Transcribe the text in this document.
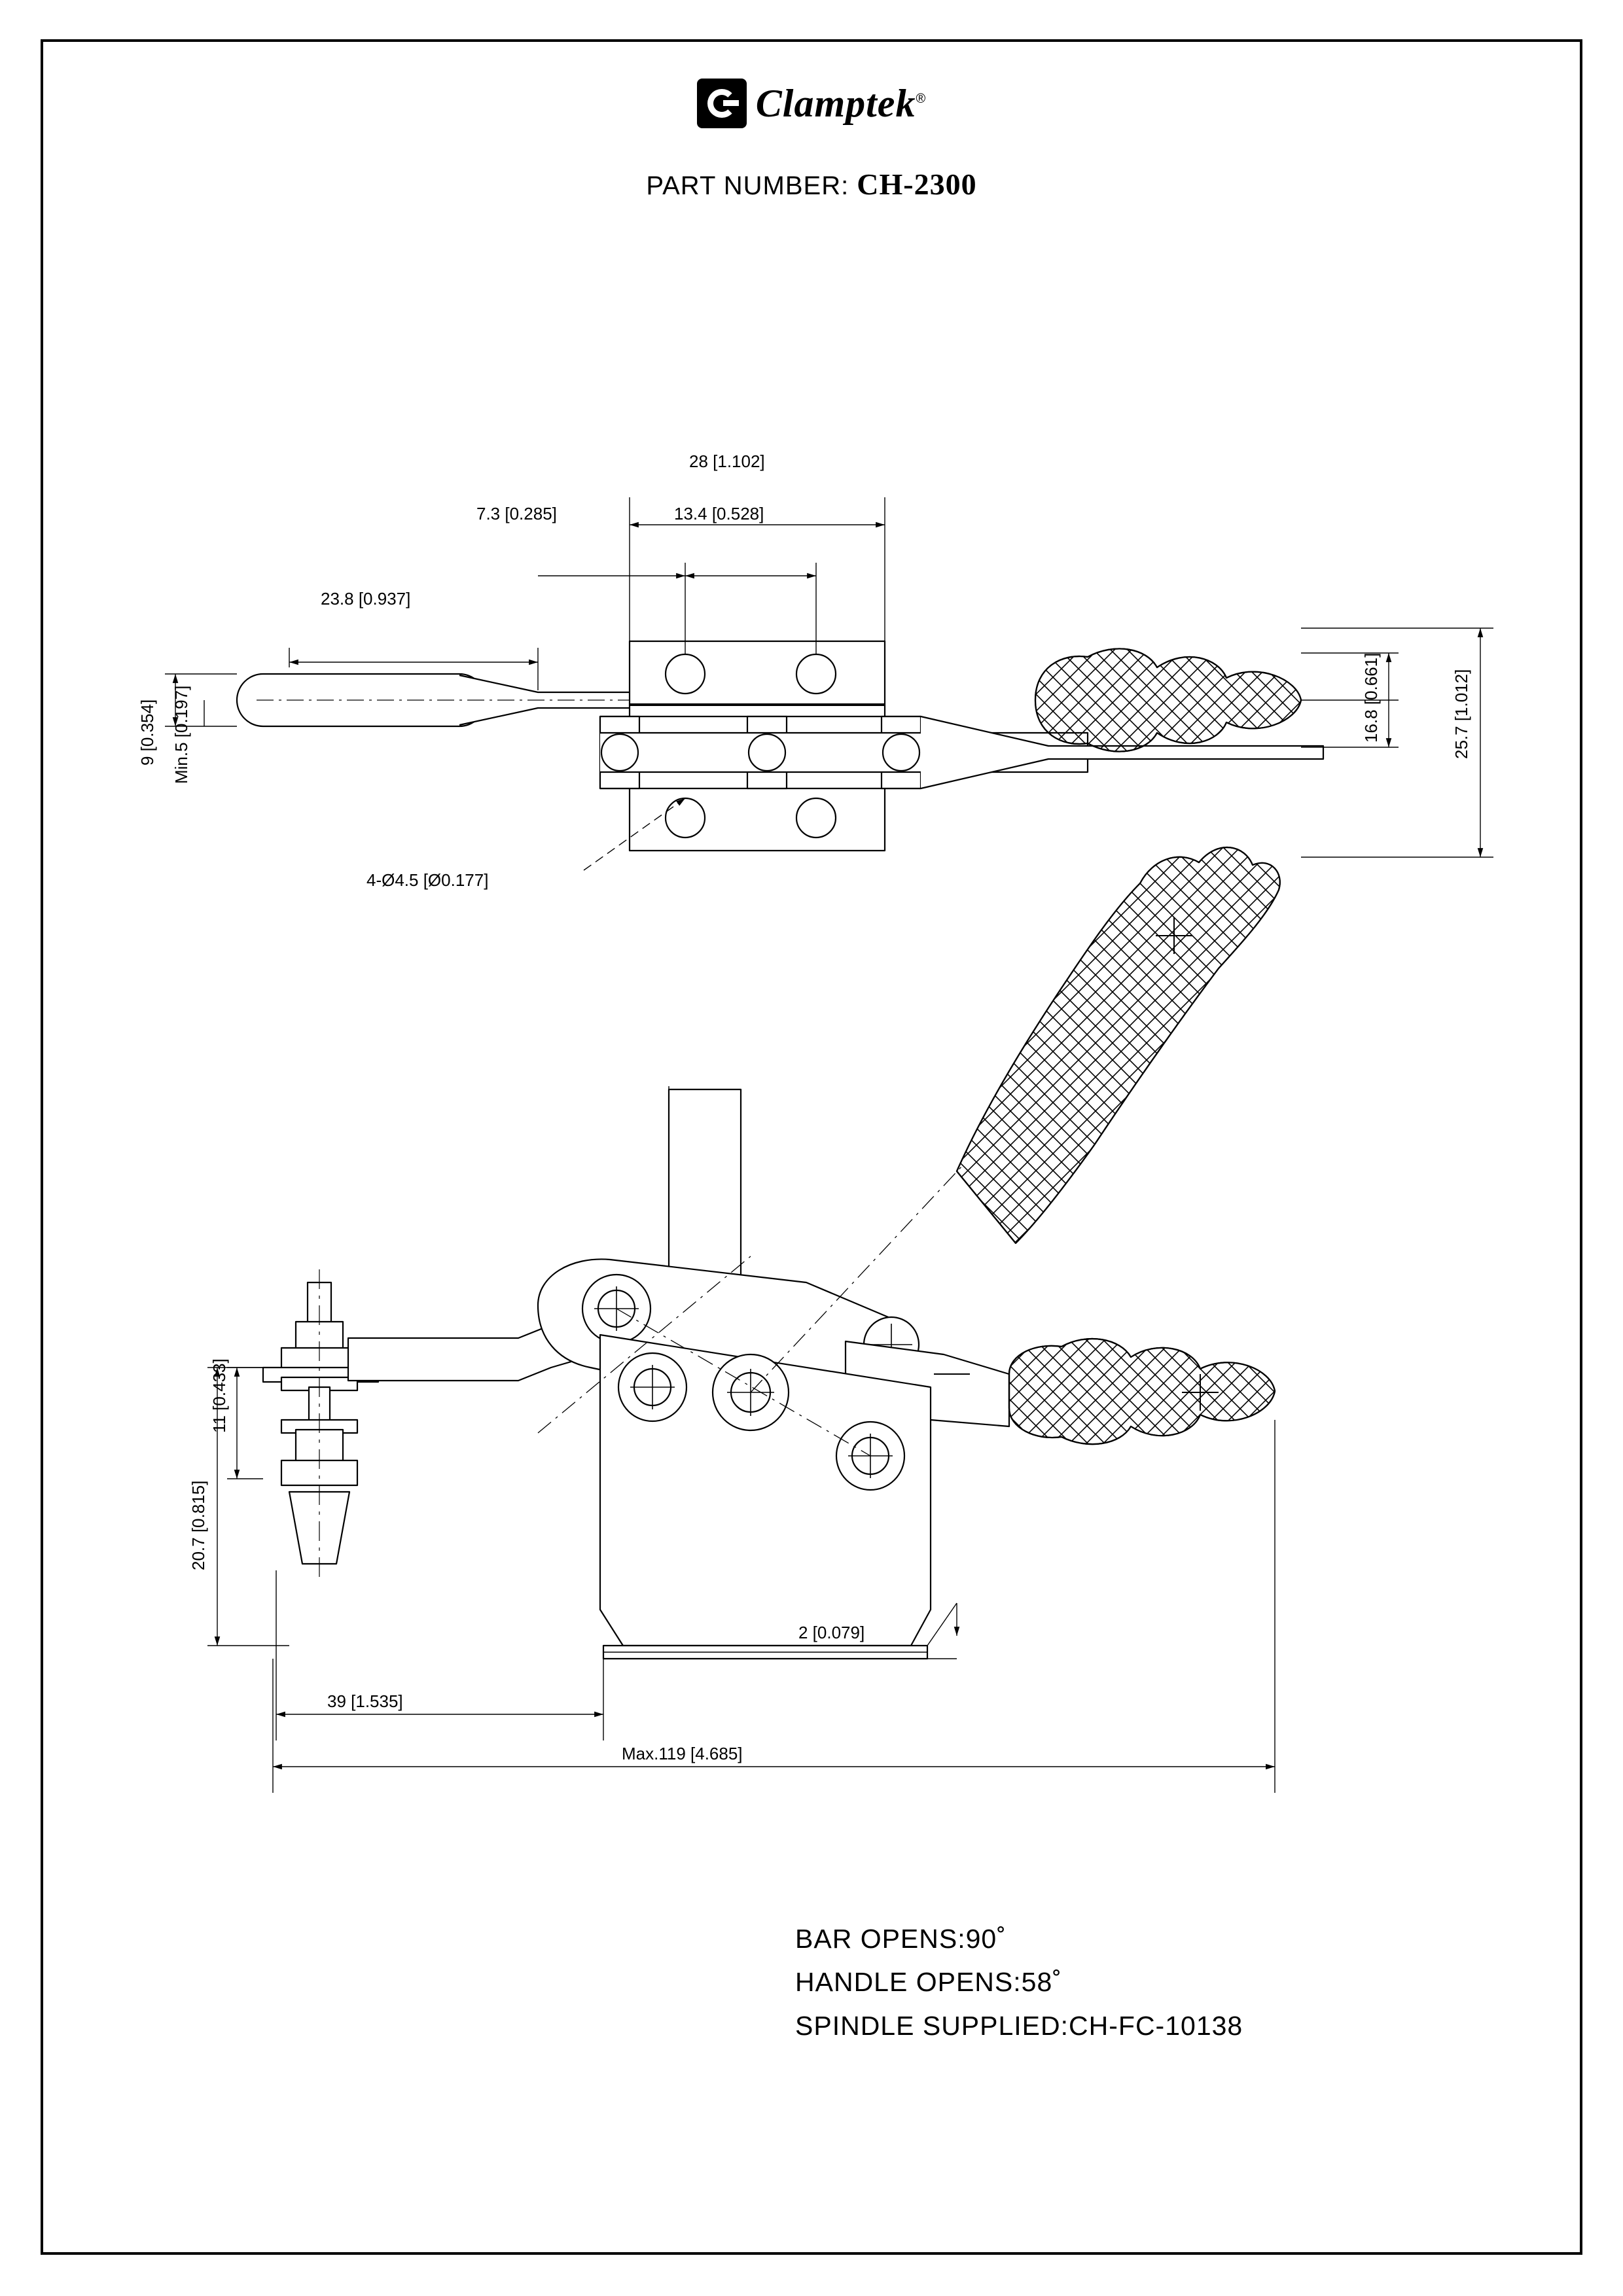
Clamptek®
PART NUMBER: CH-2300
28 [1.102]
7.3 [0.285]	13.4 [0.528]
23.8 [0.937]
9 [0.354] Min.5 [0.197]
4-Ø4.5 [Ø0.177]
16.8 [0.661]	25.7 [1.012]
11 [0.433]
20.7 [0.815]
39 [1.535]
2 [0.079]
Max.119 [4.685]
BAR OPENS:90˚
HANDLE OPENS:58˚
SPINDLE SUPPLIED:CH-FC-10138
